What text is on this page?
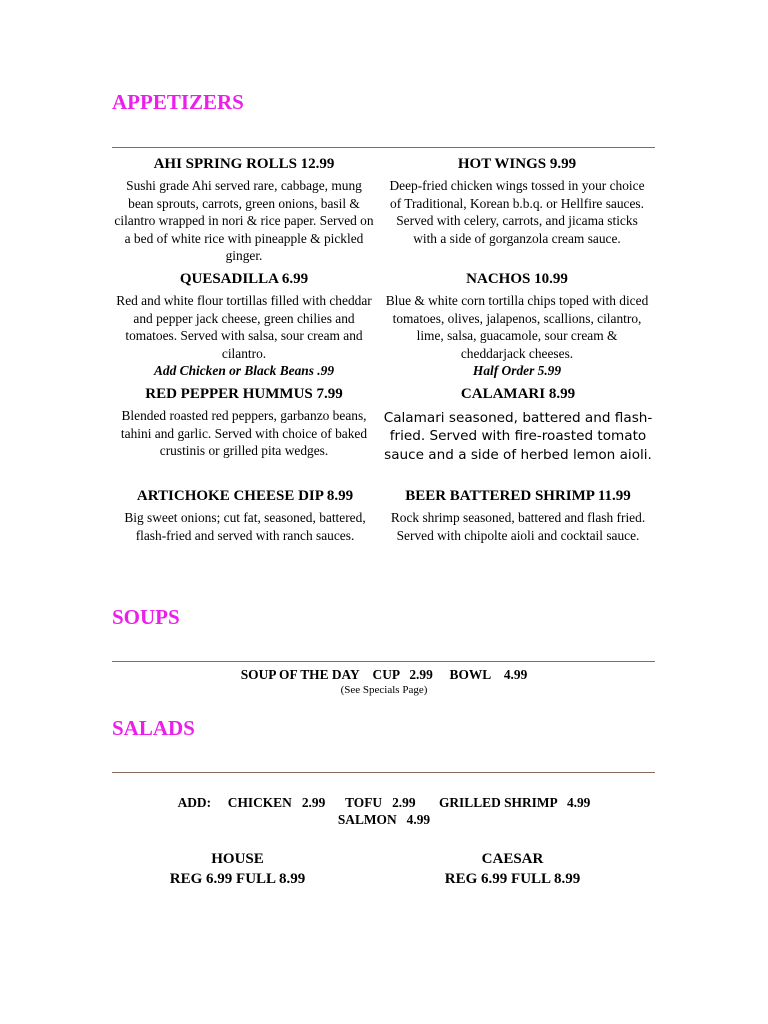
APPETIZERS
AHI SPRING ROLLS 12.99
Sushi grade Ahi served rare, cabbage, mung bean sprouts, carrots, green onions, basil & cilantro wrapped in nori & rice paper. Served on a bed of white rice with pineapple & pickled ginger.
HOT WINGS 9.99
Deep-fried chicken wings tossed in your choice of Traditional, Korean b.b.q. or Hellfire sauces. Served with celery, carrots, and jicama sticks with a side of gorganzola cream sauce.
QUESADILLA 6.99
Red and white flour tortillas filled with cheddar and pepper jack cheese, green chilies and tomatoes. Served with salsa, sour cream and cilantro.
Add Chicken or Black Beans .99
NACHOS 10.99
Blue & white corn tortilla chips toped with diced tomatoes, olives, jalapenos, scallions, cilantro, lime, salsa, guacamole, sour cream & cheddarjack cheeses.
Half Order 5.99
RED PEPPER HUMMUS 7.99
Blended roasted red peppers, garbanzo beans, tahini and garlic. Served with choice of baked crustinis or grilled pita wedges.
CALAMARI 8.99
Calamari seasoned, battered and flash-fried. Served with fire-roasted tomato sauce and a side of herbed lemon aioli.
ARTICHOKE CHEESE DIP 8.99
Big sweet onions; cut fat, seasoned, battered, flash-fried and served with ranch sauces.
BEER BATTERED SHRIMP 11.99
Rock shrimp seasoned, battered and flash fried. Served with chipolte aioli and cocktail sauce.
SOUPS
SOUP OF THE DAY    CUP   2.99     BOWL    4.99
(See Specials Page)
SALADS
ADD:     CHICKEN   2.99      TOFU   2.99       GRILLED SHRIMP   4.99
SALMON   4.99
HOUSE
REG 6.99 FULL 8.99
CAESAR
REG 6.99 FULL 8.99
